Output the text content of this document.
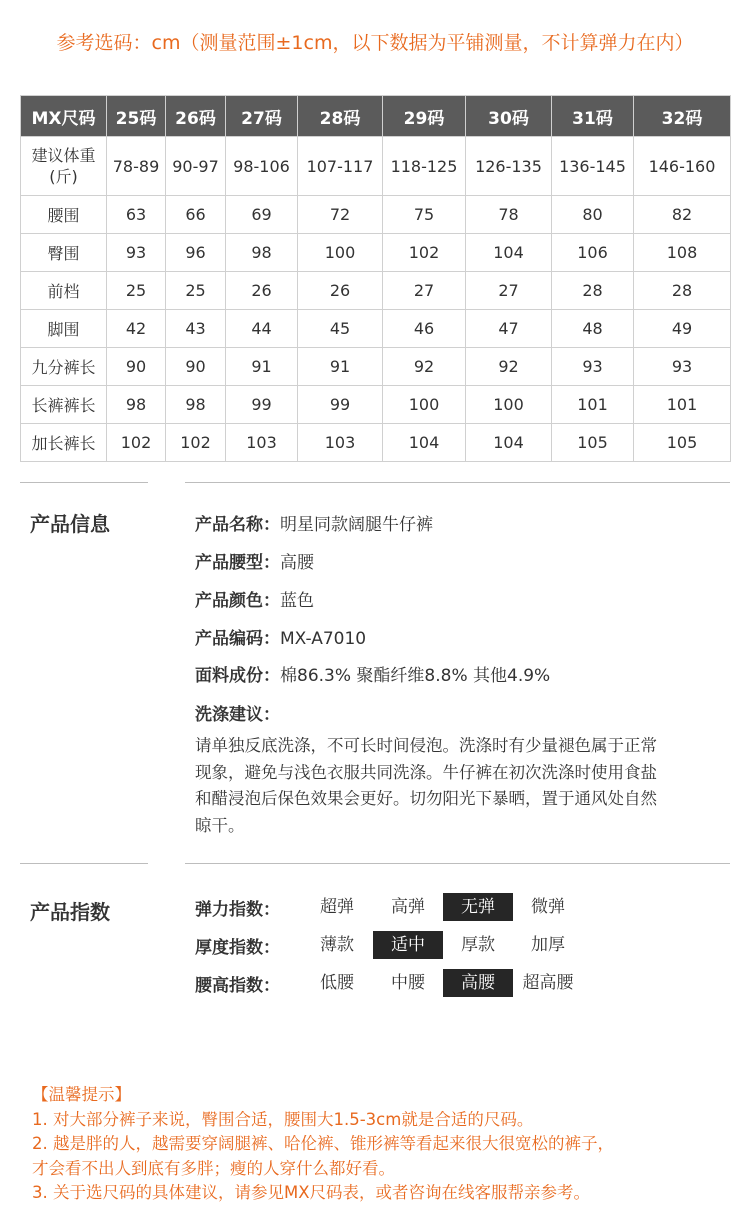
参考选码：cm（测量范围±1cm，以下数据为平铺测量，不计算弹力在内）
MX尺码	25码	26码	27码	28码	29码	30码	31码	32码
建议体重
(斤)	78-89	90-97	98-106	107-117	118-125	126-135	136-145	146-160
腰围	63	66	69	72	75	78	80	82
臀围	93	96	98	100	102	104	106	108
前档	25	25	26	26	27	27	28	28
脚围	42	43	44	45	46	47	48	49
九分裤长	90	90	91	91	92	92	93	93
长裤裤长	98	98	99	99	100	100	101	101
加长裤长	102	102	103	103	104	104	105	105
产品信息	产品名称：明星同款阔腿牛仔裤
产品腰型：高腰
产品颜色：蓝色
产品编码：MX-A7010
面料成份：棉86.3% 聚酯纤维8.8% 其他4.9%
洗涤建议：
请单独反底洗涤，不可长时间侵泡。洗涤时有少量褪色属于正常
现象，避免与浅色衣服共同洗涤。牛仔裤在初次洗涤时使用食盐
和醋浸泡后保色效果会更好。切勿阳光下暴晒，置于通风处自然
晾干。
产品指数	弹力指数：	超弹	高弹	无弹	微弹
厚度指数：	薄款	适中	厚款	加厚
腰高指数：	低腰	中腰	高腰	超高腰
【温馨提示】
1. 对大部分裤子来说，臀围合适，腰围大1.5-3cm就是合适的尺码。
2. 越是胖的人，越需要穿阔腿裤、哈伦裤、锥形裤等看起来很大很宽松的裤子，
才会看不出人到底有多胖；瘦的人穿什么都好看。
3. 关于选尺码的具体建议，请参见MX尺码表，或者咨询在线客服帮亲参考。
